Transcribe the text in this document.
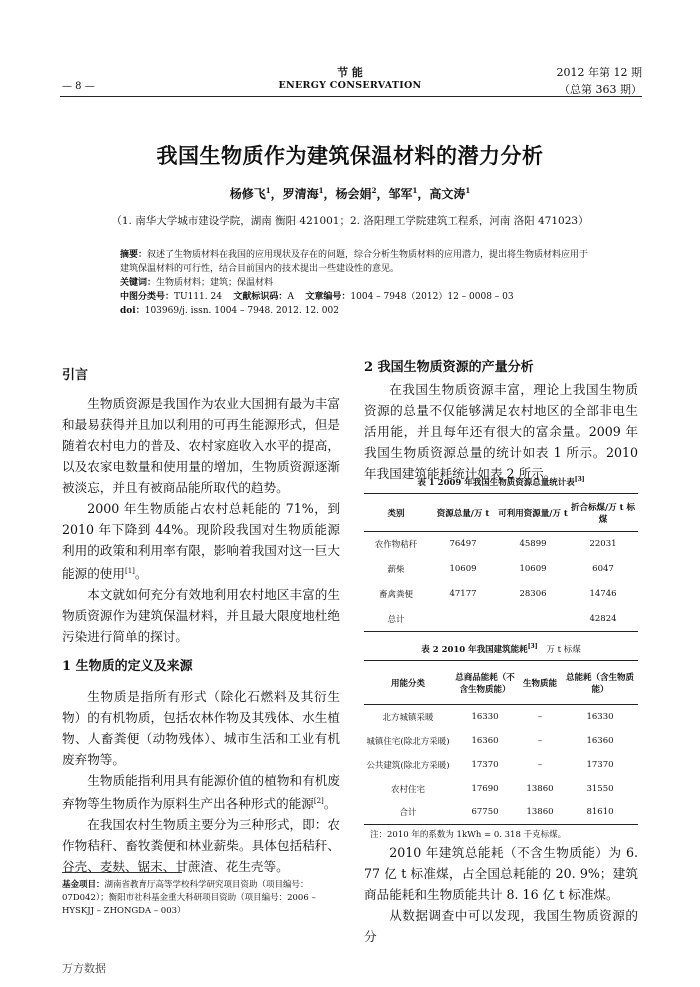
节 能
ENERGY CONSERVATION
— 8 —
2012 年第 12 期
（总第 363 期）
我国生物质作为建筑保温材料的潜力分析
杨修飞$^1$，罗清海$^1$，杨会娟$^2$，邹军$^1$，高文涛$^1$
（1. 南华大学城市建设学院，湖南 衡阳 421001；2. 洛阳理工学院建筑工程系，河南 洛阳 471023）
摘要：叙述了生物质材料在我国的应用现状及存在的问题，综合分析生物质材料的应用潜力，提出将生物质材料应用于建筑保温材料的可行性，结合目前国内的技术提出一些建设性的意见。
关键词：生物质材料；建筑；保温材料
中图分类号：TU111. 24 文献标识码：A 文章编号：1004 – 7948（2012）12 – 0008 – 03
doi：103969/j. issn. 1004 – 7948. 2012. 12. 002

引言

生物质资源是我国作为农业大国拥有最为丰富和最易获得并且加以利用的可再生能源形式，但是随着农村电力的普及、农村家庭收入水平的提高，以及农家电数量和使用量的增加，生物质资源逐渐被淡忘，并且有被商品能所取代的趋势。

2000 年生物质能占农村总耗能的 71%，到 2010 年下降到 44%。现阶段我国对生物质能源利用的政策和利用率有限，影响着我国对这一巨大能源的使用[1]。

本文就如何充分有效地利用农村地区丰富的生物质资源作为建筑保温材料，并且最大限度地杜绝污染进行简单的探讨。

1 生物质的定义及来源

生物质是指所有形式（除化石燃料及其衍生物）的有机物质，包括农林作物及其残体、水生植物、人畜粪便（动物残体）、城市生活和工业有机废弃物等。

生物质能指利用具有能源价值的植物和有机废弃物等生物质作为原料生产出各种形式的能源[2]。

在我国农村生物质主要分为三种形式，即：农作物秸秆、畜牧粪便和林业薪柴。具体包括秸秆、谷壳、麦麸、锯末、甘蔗渣、花生壳等。

基金项目：湖南省教育厅高等学校科学研究项目资助（项目编号：07D042）；衡阳市社科基金重大科研项目资助（项目编号：2006 – HYSKJJ – ZHONGDA – 003）

2 我国生物质资源的产量分析

在我国生物质资源丰富，理论上我国生物质资源的总量不仅能够满足农村地区的全部非电生活用能，并且每年还有很大的富余量。2009 年我国生物质资源总量的统计如表 1 所示。2010 年我国建筑能耗统计如表 2 所示。

表 1 2009 年我国生物质资源总量统计表[3]
类别	资源总量/万 t	可利用资源量/万 t	折合标煤/万 t 标煤
农作物秸秆	76497	45899	22031
薪柴	10609	10609	6047
畜禽粪便	47177	28306	14746
总计			42824
表 2 2010 年我国建筑能耗[3] 万 t 标煤
用能分类	总商品能耗（不含生物质能）	生物质能	总能耗（含生物质能）
北方城镇采暖	16330	–	16330
城镇住宅(除北方采暖)	16360	–	16360
公共建筑(除北方采暖)	17370	–	17370
农村住宅	17690	13860	31550
合计	67750	13860	81610
注：2010 年的系数为 1kWh = 0. 318 千克标煤。

2010 年建筑总能耗（不含生物质能）为 6. 77 亿 t 标准煤，占全国总耗能的 20. 9%；建筑商品能耗和生物质能共计 8. 16 亿 t 标准煤。

从数据调查中可以发现，我国生物质资源的分

万方数据
